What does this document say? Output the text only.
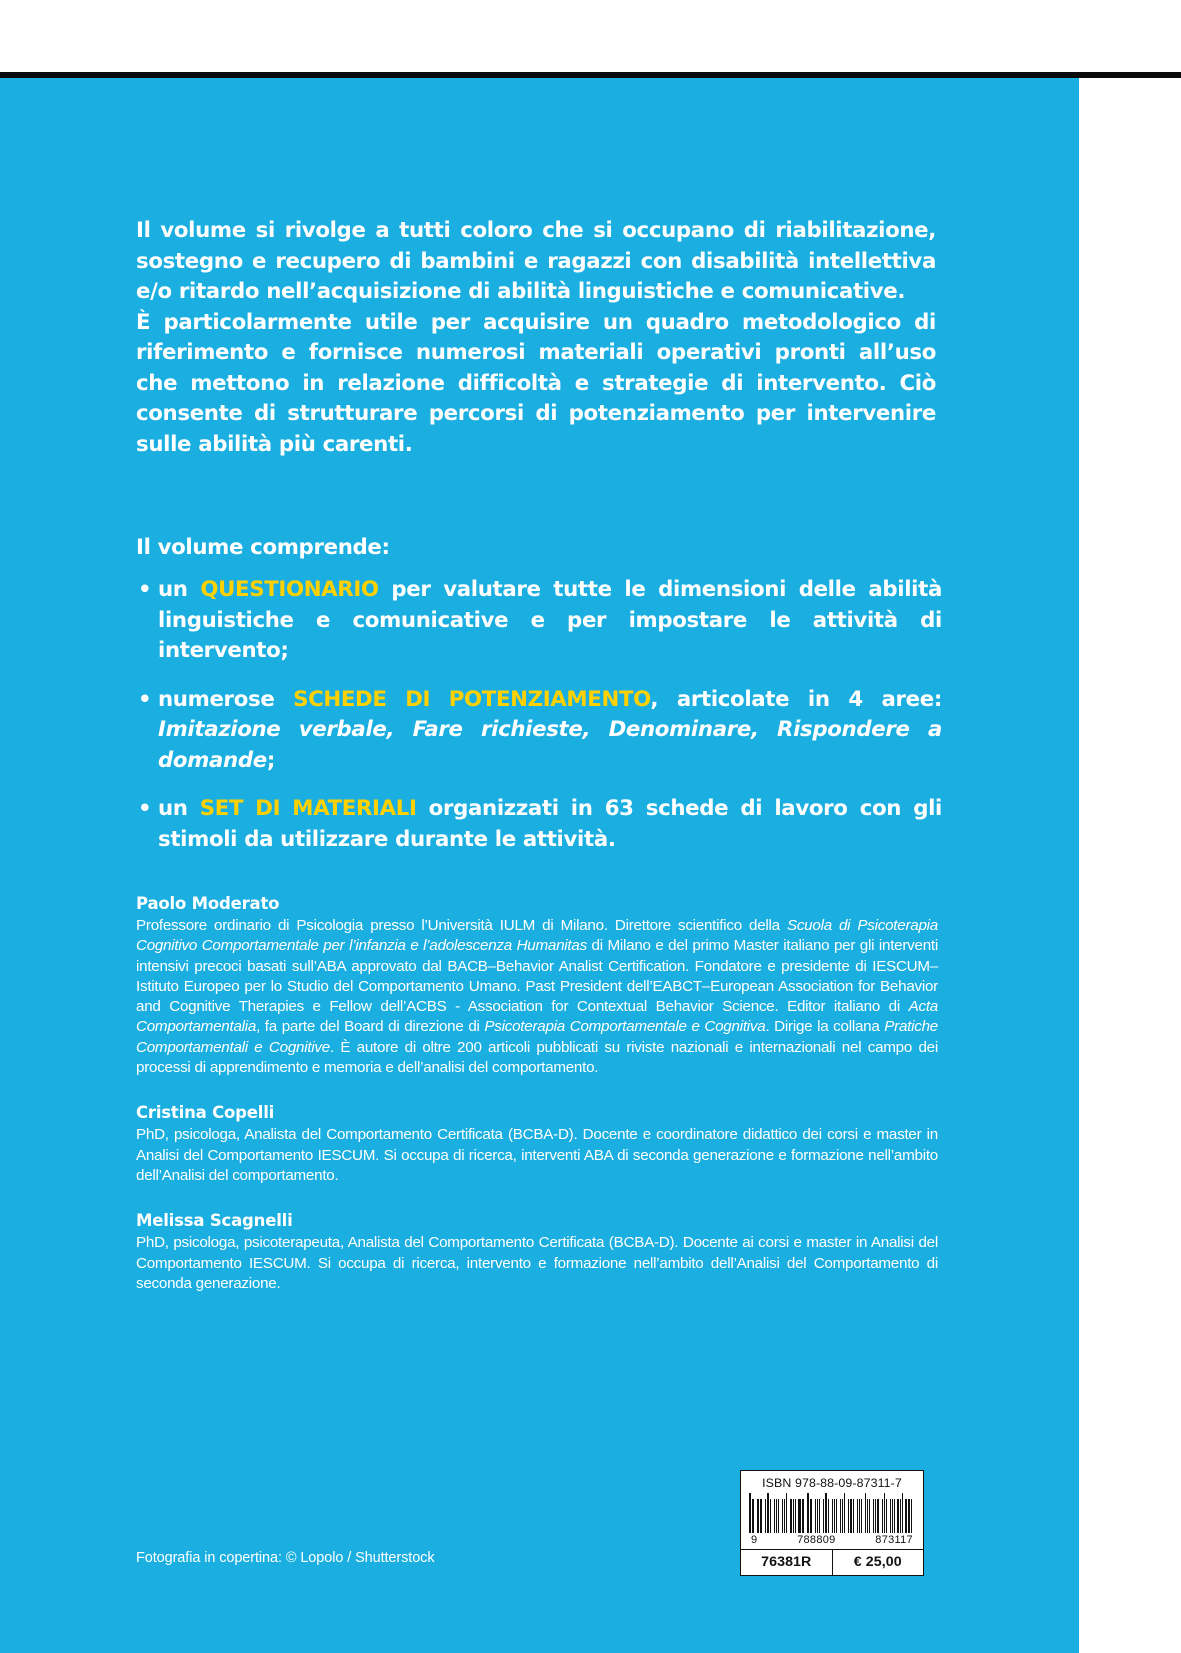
Il volume si rivolge a tutti coloro che si occupano di riabilitazione, sostegno e recupero di bambini e ragazzi con disabilità intellettiva e/o ritardo nell’acquisizione di abilità linguistiche e comunicative.

È particolarmente utile per acquisire un quadro metodologico di riferimento e fornisce numerosi materiali operativi pronti all’uso che mettono in relazione difficoltà e strategie di intervento. Ciò consente di strutturare percorsi di potenziamento per intervenire sulle abilità più carenti.

Il volume comprende:
• un QUESTIONARIO per valutare tutte le dimensioni delle abilità linguistiche e comunicative e per impostare le attività di intervento;
• numerose SCHEDE DI POTENZIAMENTO, articolate in 4 aree: Imitazione verbale, Fare richieste, Denominare, Rispondere a domande;
• un SET DI MATERIALI organizzati in 63 schede di lavoro con gli stimoli da utilizzare durante le attività.
Paolo Moderato
Professore ordinario di Psicologia presso l’Università IULM di Milano. Direttore scientifico della Scuola di Psicoterapia Cognitivo Comportamentale per l’infanzia e l’adolescenza Humanitas di Milano e del primo Master italiano per gli interventi intensivi precoci basati sull’ABA approvato dal BACB–Behavior Analist Certification. Fondatore e presidente di IESCUM–Istituto Europeo per lo Studio del Comportamento Umano. Past President dell’EABCT–European Association for Behavior and Cognitive Therapies e Fellow dell’ACBS - Association for Contextual Behavior Science. Editor italiano di Acta Comportamentalia, fa parte del Board di direzione di Psicoterapia Comportamentale e Cognitiva. Dirige la collana Pratiche Comportamentali e Cognitive. È autore di oltre 200 articoli pubblicati su riviste nazionali e internazionali nel campo dei processi di apprendimento e memoria e dell’analisi del comportamento.
Cristina Copelli
PhD, psicologa, Analista del Comportamento Certificata (BCBA-D). Docente e coordinatore didattico dei corsi e master in Analisi del Comportamento IESCUM. Si occupa di ricerca, interventi ABA di seconda generazione e formazione nell’ambito dell’Analisi del comportamento.
Melissa Scagnelli
PhD, psicologa, psicoterapeuta, Analista del Comportamento Certificata (BCBA-D). Docente ai corsi e master in Analisi del Comportamento IESCUM. Si occupa di ricerca, intervento e formazione nell’ambito dell’Analisi del Comportamento di seconda generazione.
Fotografia in copertina: © Lopolo / Shutterstock
ISBN 978-88-09-87311-7
9	788809	873117
76381R	€ 25,00
